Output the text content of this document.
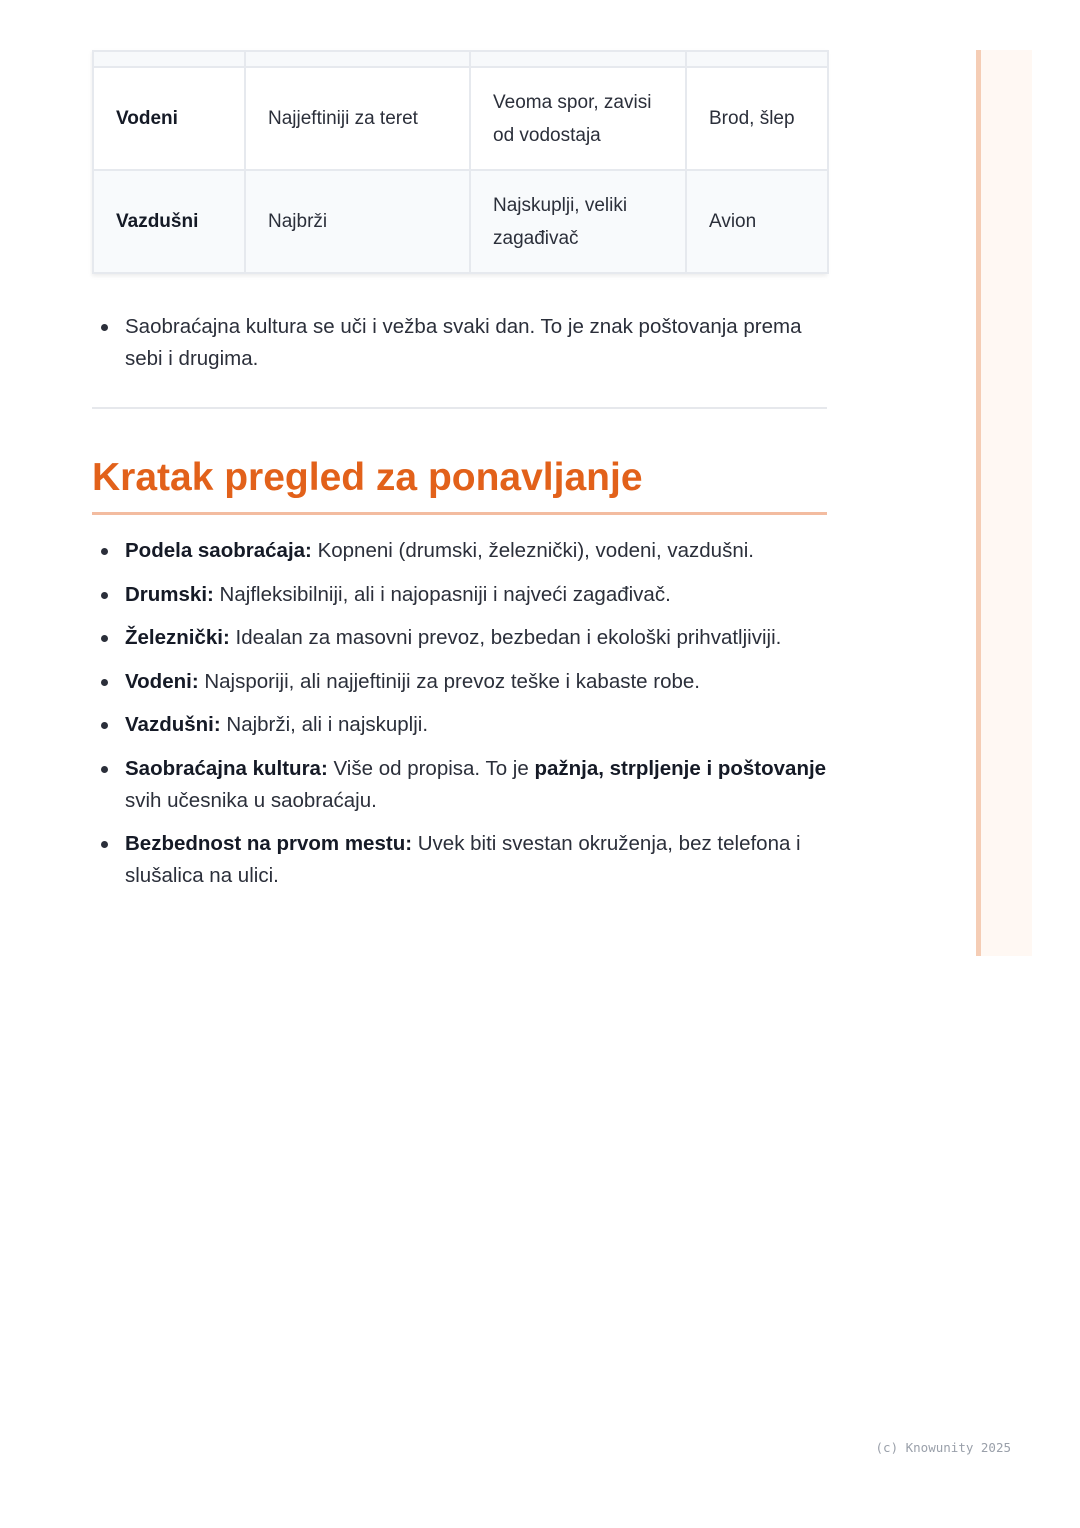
Vodeni	Najjeftiniji za teret	Veoma spor, zavisi od vodostaja	Brod, šlep
Vazdušni	Najbrži	Najskuplji, veliki zagađivač	Avion
Saobraćajna kultura se uči i vežba svaki dan. To je znak poštovanja prema sebi i drugima.
Kratak pregled za ponavljanje
Podela saobraćaja: Kopneni (drumski, železnički), vodeni, vazdušni.
Drumski: Najfleksibilniji, ali i najopasniji i najveći zagađivač.
Železnički: Idealan za masovni prevoz, bezbedan i ekološki prihvatljiviji.
Vodeni: Najsporiji, ali najjeftiniji za prevoz teške i kabaste robe.
Vazdušni: Najbrži, ali i najskuplji.
Saobraćajna kultura: Više od propisa. To je pažnja, strpljenje i poštovanje svih učesnika u saobraćaju.
Bezbednost na prvom mestu: Uvek biti svestan okruženja, bez telefona i slušalica na ulici.
(c) Knowunity 2025
